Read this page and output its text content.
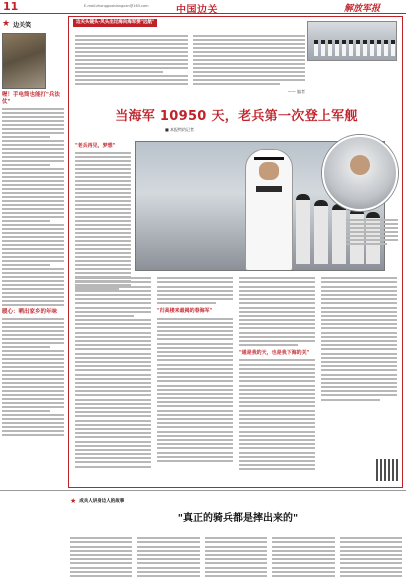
11	E-mail:zhongguobianguan@163.com	中国边关	解放军报
★ 边关笑
喔！手电筒也能打"兵法仗"
暖心：晒出家乡的年味
边关头镜头·风头出过海向海军要"远航"
—— 编者
当海军 10950 天，老兵第一次登上军舰
■ 本报特约记者
"老兵再见，梦想"
"归高楼来最揭的春海军"
"通是我的天，也是我下海的关"
★ 成兵人讲身边人的故事
"真正的骑兵都是摔出来的"
